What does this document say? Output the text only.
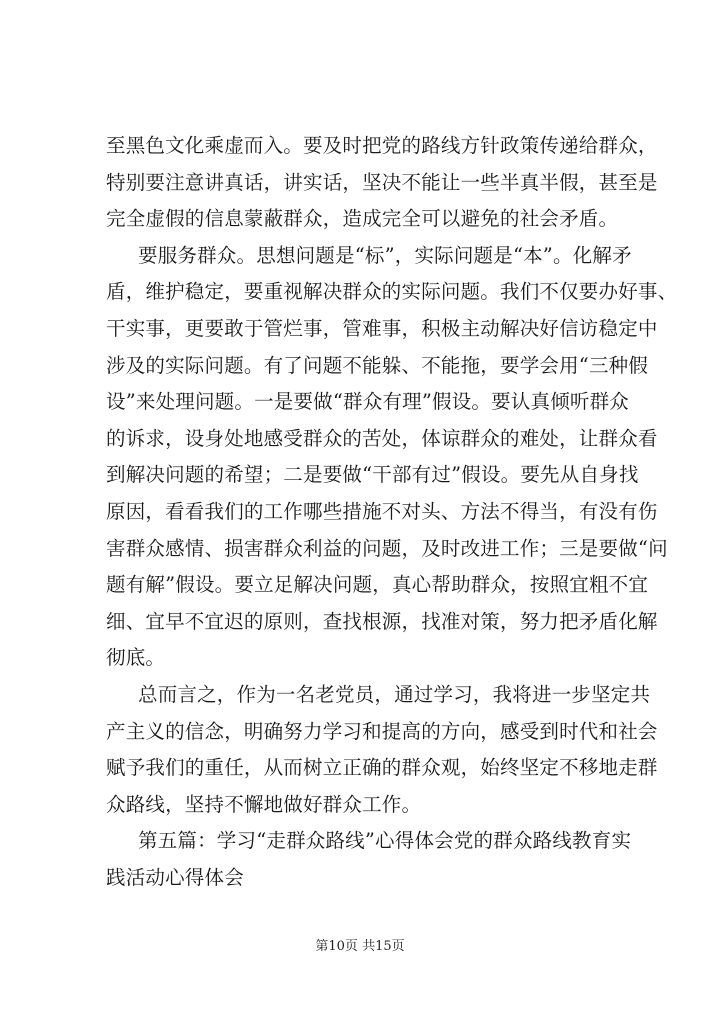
至黑色文化乘虚而入。要及时把党的路线方针政策传递给群众，
特别要注意讲真话，讲实话，坚决不能让一些半真半假，甚至是
完全虚假的信息蒙蔽群众，造成完全可以避免的社会矛盾。
要服务群众。思想问题是“标”，实际问题是“本”。化解矛
盾，维护稳定，要重视解决群众的实际问题。我们不仅要办好事、
干实事，更要敢于管烂事，管难事，积极主动解决好信访稳定中
涉及的实际问题。有了问题不能躲、不能拖，要学会用“三种假
设”来处理问题。一是要做“群众有理”假设。要认真倾听群众
的诉求，设身处地感受群众的苦处，体谅群众的难处，让群众看
到解决问题的希望；二是要做“干部有过”假设。要先从自身找
原因，看看我们的工作哪些措施不对头、方法不得当，有没有伤
害群众感情、损害群众利益的问题，及时改进工作；三是要做“问
题有解”假设。要立足解决问题，真心帮助群众，按照宜粗不宜
细、宜早不宜迟的原则，查找根源，找准对策，努力把矛盾化解
彻底。
总而言之，作为一名老党员，通过学习，我将进一步坚定共
产主义的信念，明确努力学习和提高的方向，感受到时代和社会
赋予我们的重任，从而树立正确的群众观，始终坚定不移地走群
众路线，坚持不懈地做好群众工作。
第五篇：学习“走群众路线”心得体会党的群众路线教育实
践活动心得体会
第10页 共15页
